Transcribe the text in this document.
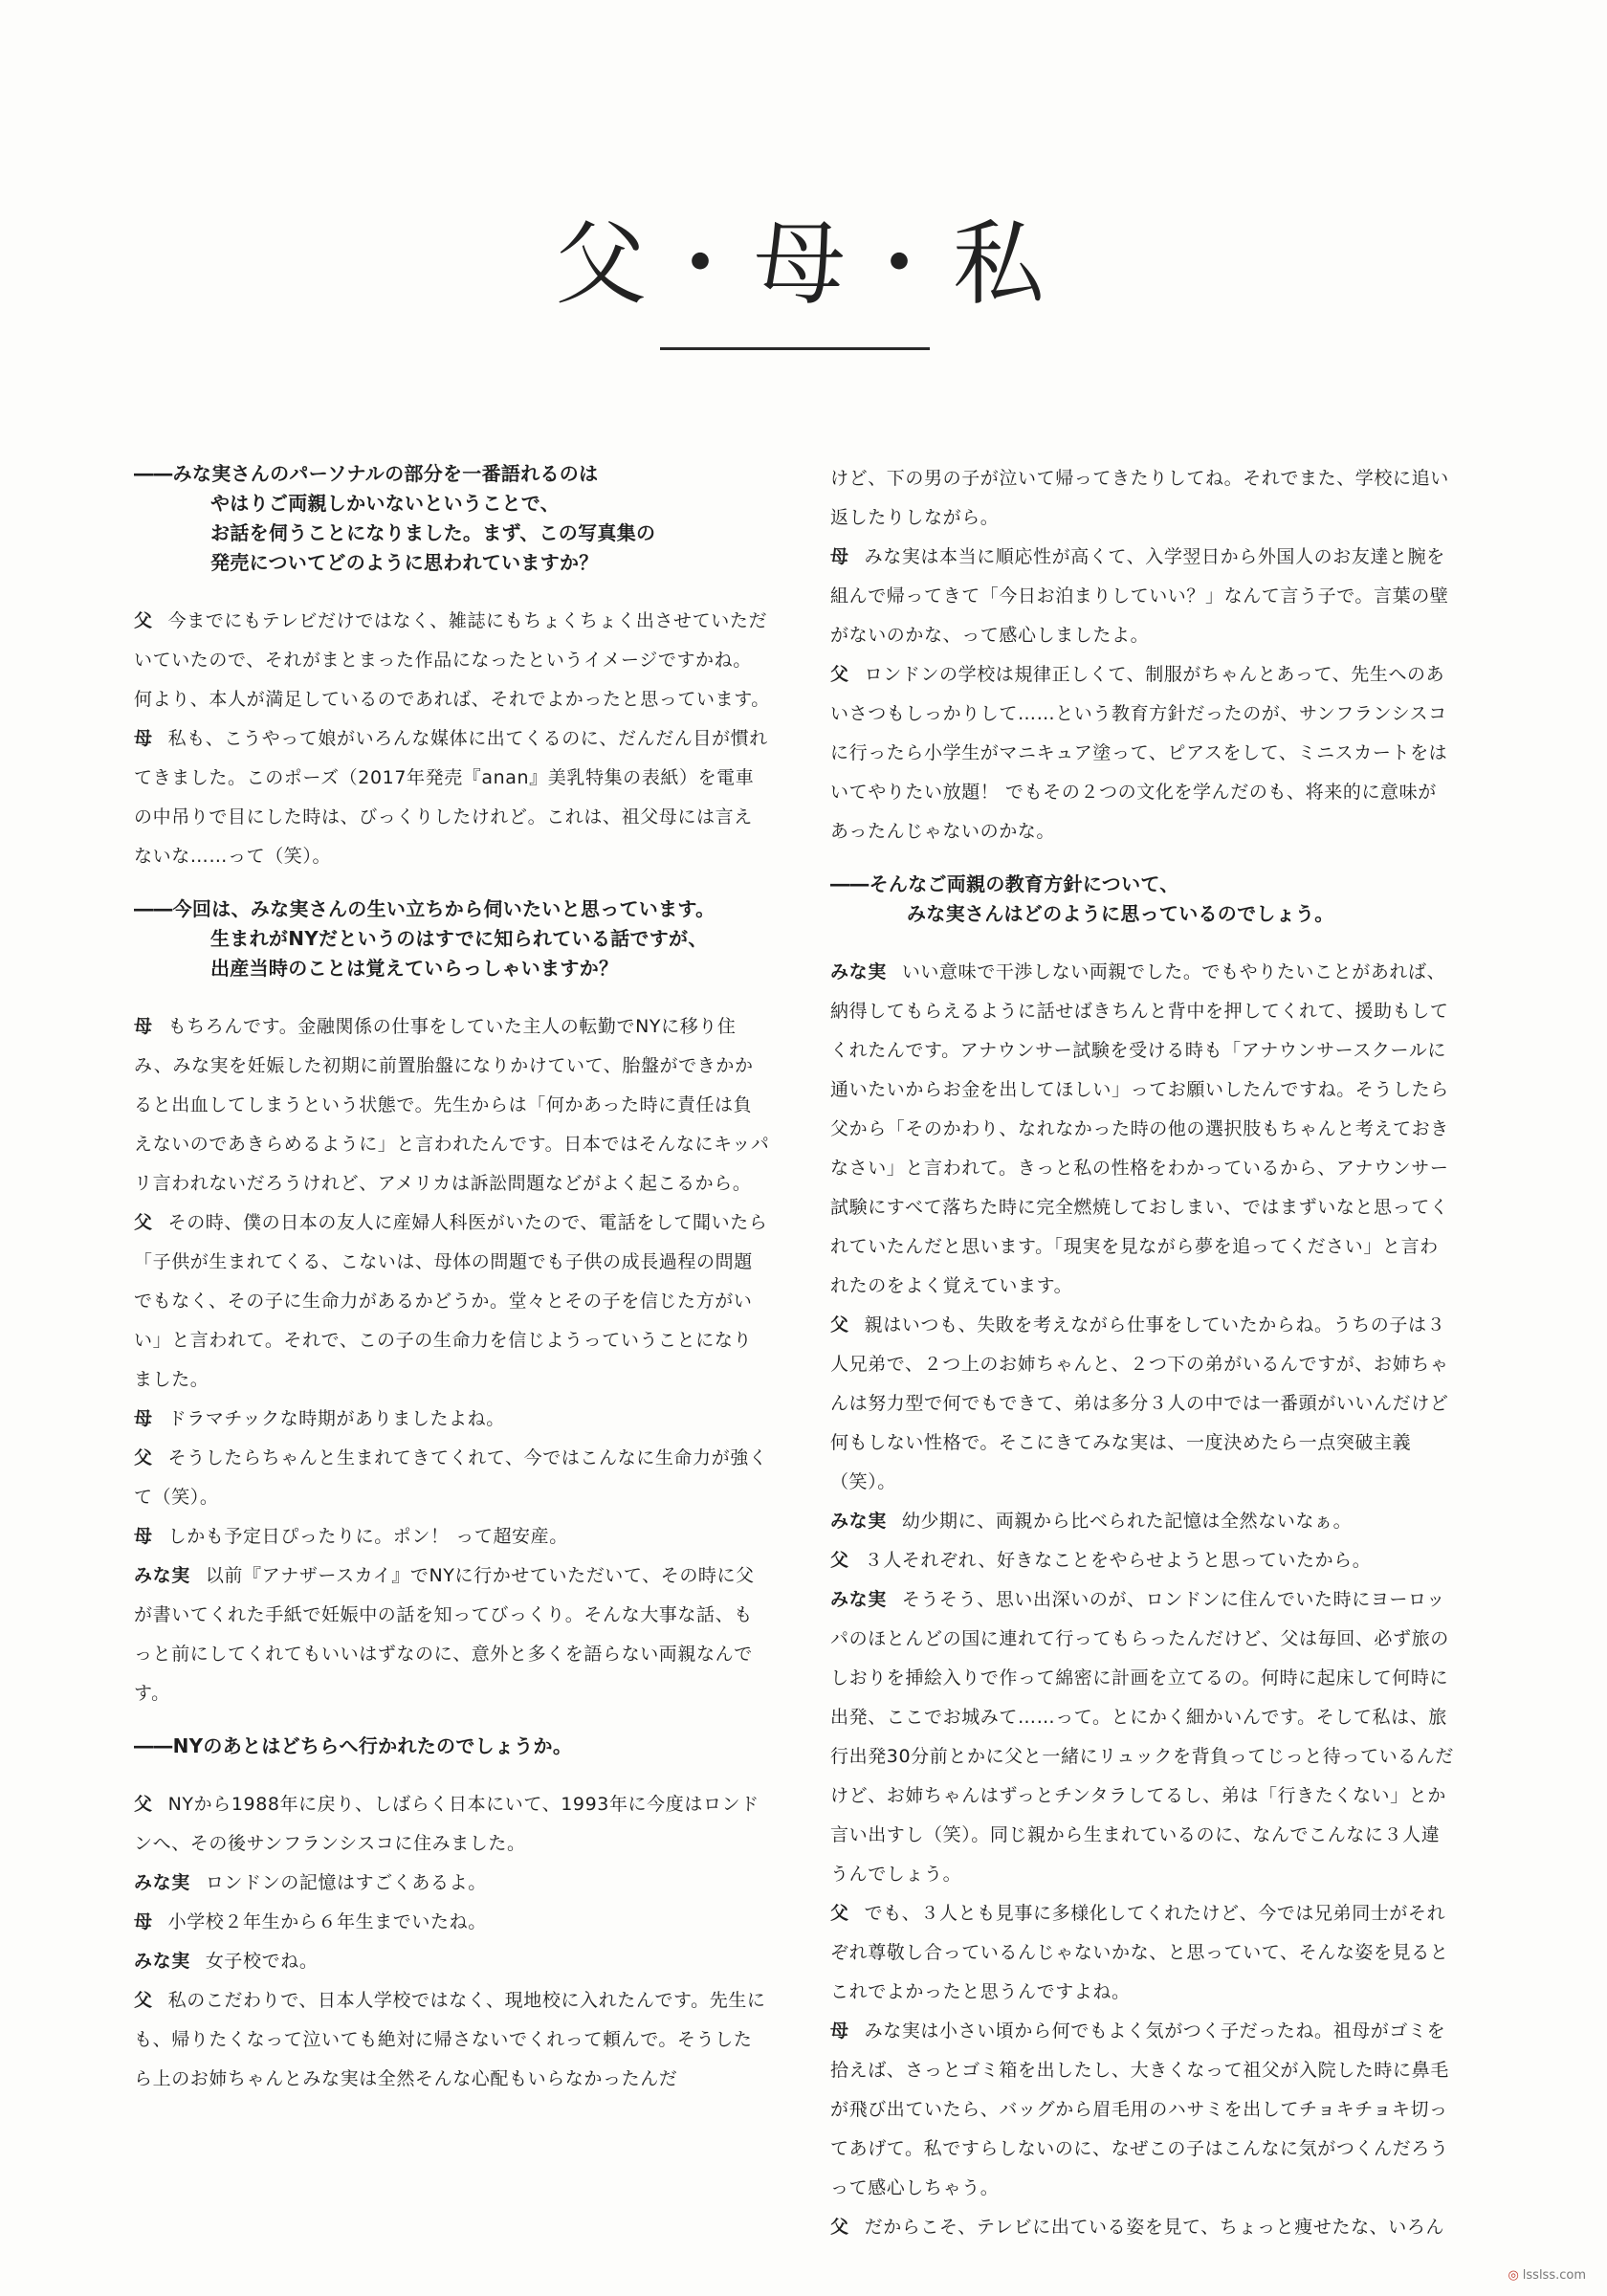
父・母・私

――みな実さんのパーソナルの部分を一番語れるのは
やはりご両親しかいないということで、
お話を伺うことになりました。まず、この写真集の
発売についてどのように思われていますか？

父 今までにもテレビだけではなく、雑誌にもちょくちょく出させていただいていたので、それがまとまった作品になったというイメージですかね。何より、本人が満足しているのであれば、それでよかったと思っています。

母 私も、こうやって娘がいろんな媒体に出てくるのに、だんだん目が慣れてきました。このポーズ（2017年発売『anan』美乳特集の表紙）を電車の中吊りで目にした時は、びっくりしたけれど。これは、祖父母には言えないな……って（笑）。

――今回は、みな実さんの生い立ちから伺いたいと思っています。
生まれがNYだというのはすでに知られている話ですが、
出産当時のことは覚えていらっしゃいますか？

母 もちろんです。金融関係の仕事をしていた主人の転勤でNYに移り住み、みな実を妊娠した初期に前置胎盤になりかけていて、胎盤ができかかると出血してしまうという状態で。先生からは「何かあった時に責任は負えないのであきらめるように」と言われたんです。日本ではそんなにキッパリ言われないだろうけれど、アメリカは訴訟問題などがよく起こるから。

父 その時、僕の日本の友人に産婦人科医がいたので、電話をして聞いたら「子供が生まれてくる、こないは、母体の問題でも子供の成長過程の問題でもなく、その子に生命力があるかどうか。堂々とその子を信じた方がいい」と言われて。それで、この子の生命力を信じようっていうことになりました。

母 ドラマチックな時期がありましたよね。

父 そうしたらちゃんと生まれてきてくれて、今ではこんなに生命力が強くて（笑）。

母 しかも予定日ぴったりに。ポン！ って超安産。

みな実 以前『アナザースカイ』でNYに行かせていただいて、その時に父が書いてくれた手紙で妊娠中の話を知ってびっくり。そんな大事な話、もっと前にしてくれてもいいはずなのに、意外と多くを語らない両親なんです。

――NYのあとはどちらへ行かれたのでしょうか。

父 NYから1988年に戻り、しばらく日本にいて、1993年に今度はロンドンへ、その後サンフランシスコに住みました。

みな実 ロンドンの記憶はすごくあるよ。

母 小学校２年生から６年生までいたね。

みな実 女子校でね。

父 私のこだわりで、日本人学校ではなく、現地校に入れたんです。先生にも、帰りたくなって泣いても絶対に帰さないでくれって頼んで。そうしたら上のお姉ちゃんとみな実は全然そんな心配もいらなかったんだ

けど、下の男の子が泣いて帰ってきたりしてね。それでまた、学校に追い返したりしながら。

母 みな実は本当に順応性が高くて、入学翌日から外国人のお友達と腕を組んで帰ってきて「今日お泊まりしていい？」なんて言う子で。言葉の壁がないのかな、って感心しましたよ。

父 ロンドンの学校は規律正しくて、制服がちゃんとあって、先生へのあいさつもしっかりして……という教育方針だったのが、サンフランシスコに行ったら小学生がマニキュア塗って、ピアスをして、ミニスカートをはいてやりたい放題！ でもその２つの文化を学んだのも、将来的に意味があったんじゃないのかな。

――そんなご両親の教育方針について、
みな実さんはどのように思っているのでしょう。

みな実 いい意味で干渉しない両親でした。でもやりたいことがあれば、納得してもらえるように話せばきちんと背中を押してくれて、援助もしてくれたんです。アナウンサー試験を受ける時も「アナウンサースクールに通いたいからお金を出してほしい」ってお願いしたんですね。そうしたら父から「そのかわり、なれなかった時の他の選択肢もちゃんと考えておきなさい」と言われて。きっと私の性格をわかっているから、アナウンサー試験にすべて落ちた時に完全燃焼しておしまい、ではまずいなと思ってくれていたんだと思います。「現実を見ながら夢を追ってください」と言われたのをよく覚えています。

父 親はいつも、失敗を考えながら仕事をしていたからね。うちの子は３人兄弟で、２つ上のお姉ちゃんと、２つ下の弟がいるんですが、お姉ちゃんは努力型で何でもできて、弟は多分３人の中では一番頭がいいんだけど何もしない性格で。そこにきてみな実は、一度決めたら一点突破主義（笑）。

みな実 幼少期に、両親から比べられた記憶は全然ないなぁ。

父 ３人それぞれ、好きなことをやらせようと思っていたから。

みな実 そうそう、思い出深いのが、ロンドンに住んでいた時にヨーロッパのほとんどの国に連れて行ってもらったんだけど、父は毎回、必ず旅のしおりを挿絵入りで作って綿密に計画を立てるの。何時に起床して何時に出発、ここでお城みて……って。とにかく細かいんです。そして私は、旅行出発30分前とかに父と一緒にリュックを背負ってじっと待っているんだけど、お姉ちゃんはずっとチンタラしてるし、弟は「行きたくない」とか言い出すし（笑）。同じ親から生まれているのに、なんでこんなに３人違うんでしょう。

父 でも、３人とも見事に多様化してくれたけど、今では兄弟同士がそれぞれ尊敬し合っているんじゃないかな、と思っていて、そんな姿を見るとこれでよかったと思うんですよね。

母 みな実は小さい頃から何でもよく気がつく子だったね。祖母がゴミを拾えば、さっとゴミ箱を出したし、大きくなって祖父が入院した時に鼻毛が飛び出ていたら、バッグから眉毛用のハサミを出してチョキチョキ切ってあげて。私ですらしないのに、なぜこの子はこんなに気がつくんだろうって感心しちゃう。

父 だからこそ、テレビに出ている姿を見て、ちょっと痩せたな、いろん

◎ lsslss.com
